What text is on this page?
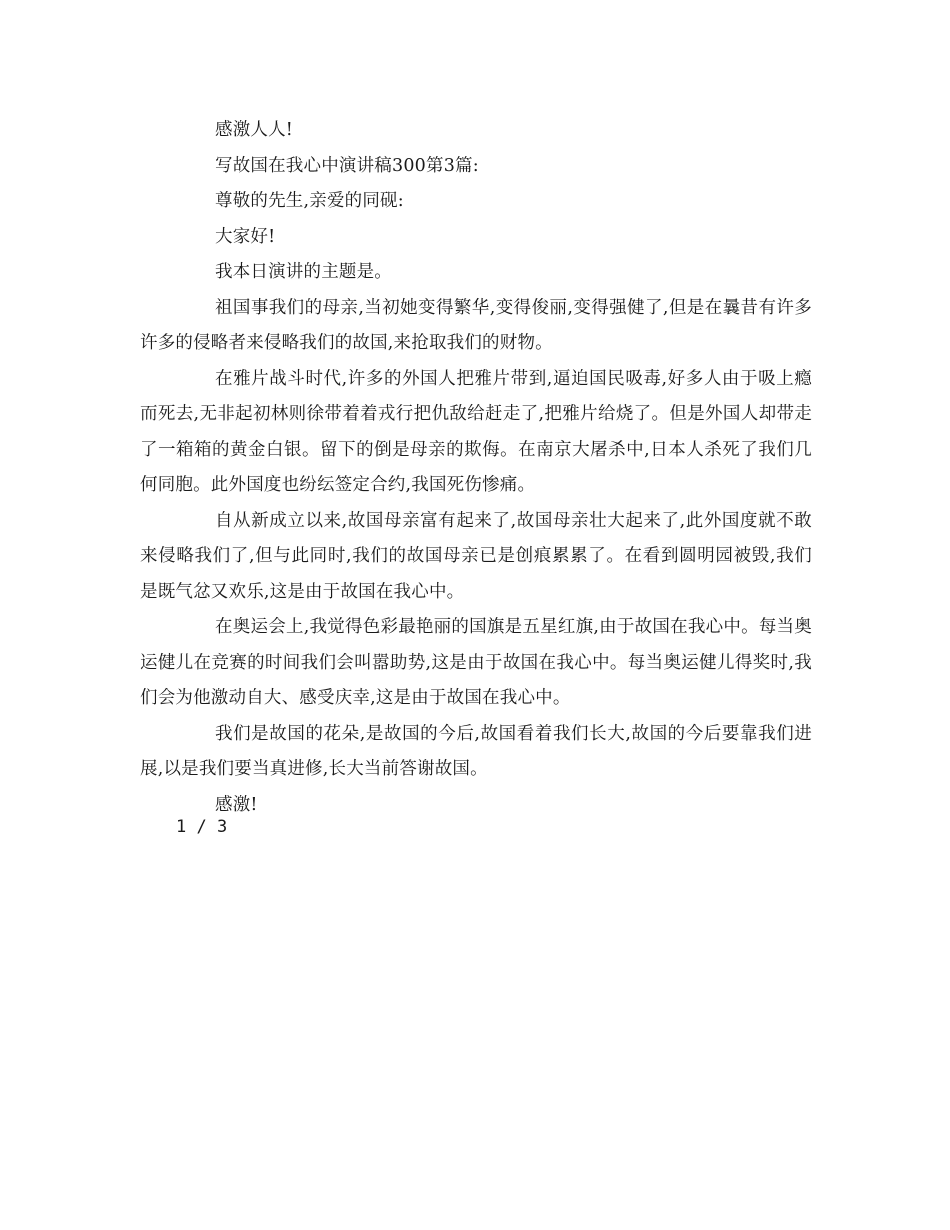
感激人人!

写故国在我心中演讲稿300第3篇:

尊敬的先生,亲爱的同砚:

大家好!

我本日演讲的主题是。

祖国事我们的母亲,当初她变得繁华,变得俊丽,变得强健了,但是在曩昔有许多许多的侵略者来侵略我们的故国,来抢取我们的财物。

在雅片战斗时代,许多的外国人把雅片带到,逼迫国民吸毒,好多人由于吸上瘾而死去,无非起初林则徐带着着戎行把仇敌给赶走了,把雅片给烧了。但是外国人却带走了一箱箱的黄金白银。留下的倒是母亲的欺侮。在南京大屠杀中,日本人杀死了我们几何同胞。此外国度也纷纭签定合约,我国死伤惨痛。

自从新成立以来,故国母亲富有起来了,故国母亲壮大起来了,此外国度就不敢来侵略我们了,但与此同时,我们的故国母亲已是创痕累累了。在看到圆明园被毁,我们是既气忿又欢乐,这是由于故国在我心中。

在奥运会上,我觉得色彩最艳丽的国旗是五星红旗,由于故国在我心中。每当奥运健儿在竞赛的时间我们会叫嚣助势,这是由于故国在我心中。每当奥运健儿得奖时,我们会为他激动自大、感受庆幸,这是由于故国在我心中。

我们是故国的花朵,是故国的今后,故国看着我们长大,故国的今后要靠我们进展,以是我们要当真进修,长大当前答谢故国。

感激!

1 / 3
